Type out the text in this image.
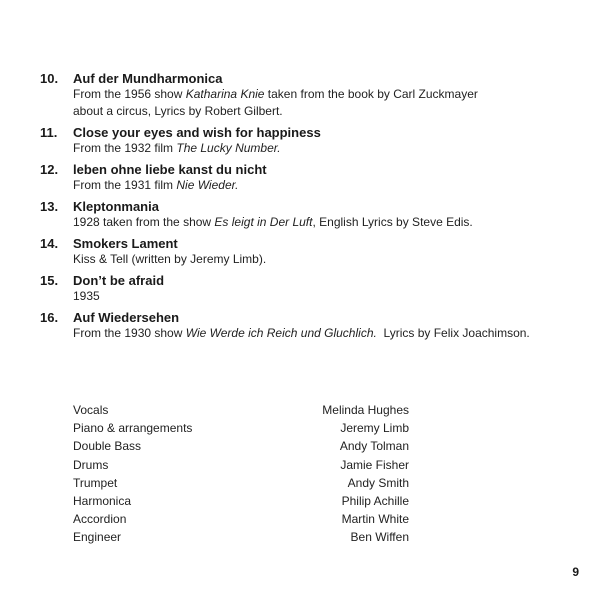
10.	Auf der Mundharmonica
From the 1956 show Katharina Knie taken from the book by Carl Zuckmayer
about a circus, Lyrics by Robert Gilbert.
11.	Close your eyes and wish for happiness
From the 1932 film The Lucky Number.
12.	leben ohne liebe kanst du nicht
From the 1931 film Nie Wieder.
13.	Kleptonmania
1928 taken from the show Es leigt in Der Luft, English Lyrics by Steve Edis.
14.	Smokers Lament
Kiss & Tell (written by Jeremy Limb).
15.	Don’t be afraid
1935
16.	Auf Wiedersehen
From the 1930 show Wie Werde ich Reich und Gluchlich.  Lyrics by Felix Joachimson.
Vocals	Melinda Hughes
Piano & arrangements	Jeremy Limb
Double Bass	Andy Tolman
Drums	Jamie Fisher
Trumpet	Andy Smith
Harmonica	Philip Achille
Accordion	Martin White
Engineer	Ben Wiffen
9
